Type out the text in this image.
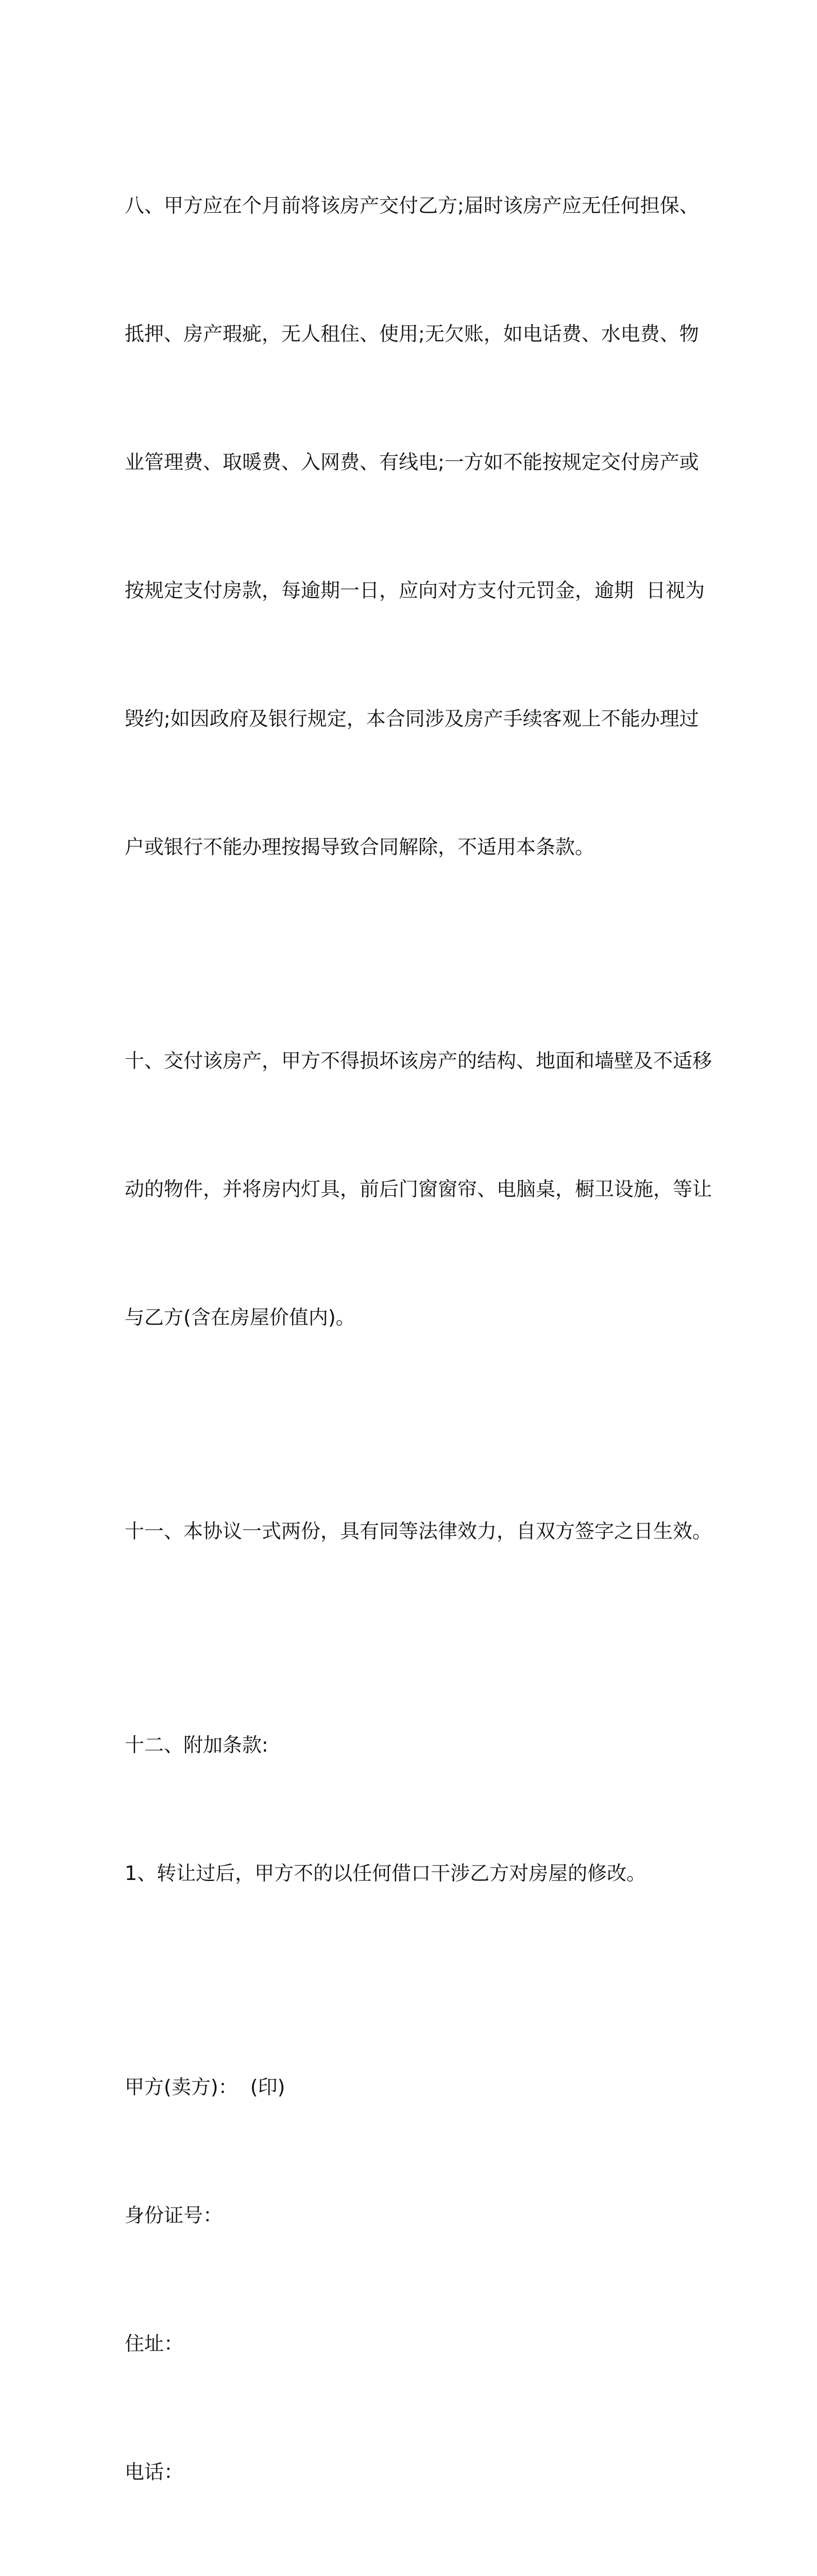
八、甲方应在个月前将该房产交付乙方;届时该房产应无任何担保、

抵押、房产瑕疵，无人租住、使用;无欠账，如电话费、水电费、物

业管理费、取暖费、入网费、有线电;一方如不能按规定交付房产或

按规定支付房款，每逾期一日，应向对方支付元罚金，逾期  日视为

毁约;如因政府及银行规定，本合同涉及房产手续客观上不能办理过

户或银行不能办理按揭导致合同解除，不适用本条款。

十、交付该房产，甲方不得损坏该房产的结构、地面和墙壁及不适移

动的物件，并将房内灯具，前后门窗窗帘、电脑桌，橱卫设施，等让

与乙方(含在房屋价值内)。

十一、本协议一式两份，具有同等法律效力，自双方签字之日生效。

十二、附加条款:

1、转让过后，甲方不的以任何借口干涉乙方对房屋的修改。

甲方(卖方)：  (印)

身份证号：

住址：

电话：
